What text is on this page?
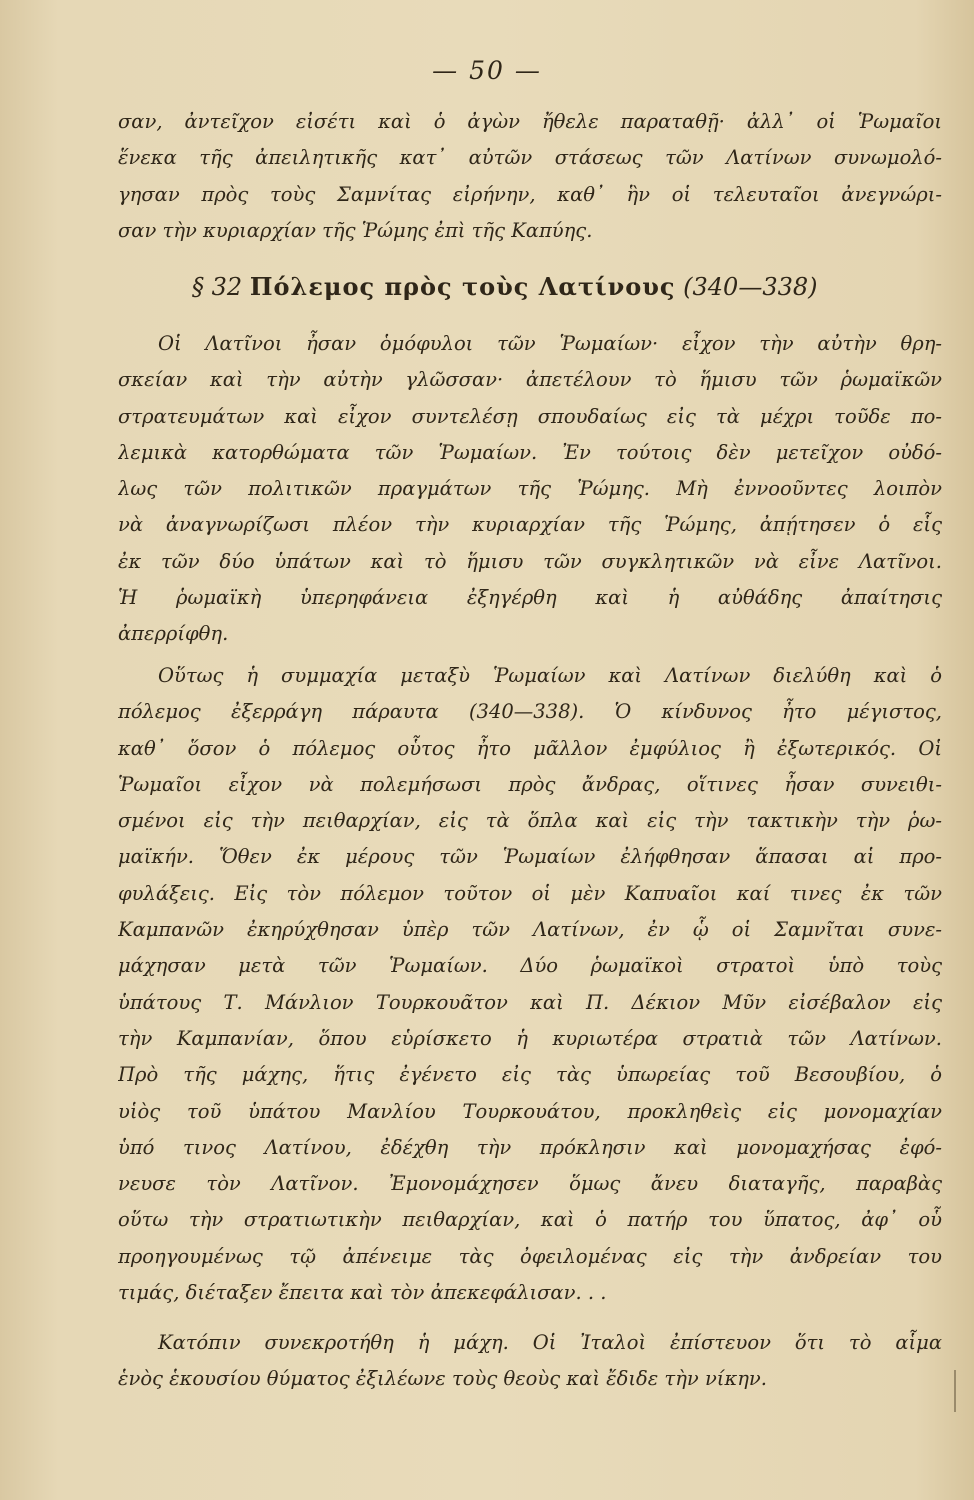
— 50 —
σαν, ἀντεῖχον εἰσέτι καὶ ὁ ἀγὼν ἤθελε παραταθῇ· ἀλλ᾽ οἱ Ῥωμαῖοι
ἕνεκα τῆς ἀπειλητικῆς κατ᾽ αὐτῶν στάσεως τῶν Λατίνων συνωμολό-
γησαν πρὸς τοὺς Σαμνίτας εἰρήνην, καθ᾽ ἣν οἱ τελευταῖοι ἀνεγνώρι-
σαν τὴν κυριαρχίαν τῆς Ῥώμης ἐπὶ τῆς Καπύης.
§ 32 Πόλεμος πρὸς τοὺς Λατίνους (340—338)
Οἱ Λατῖνοι ἦσαν ὁμόφυλοι τῶν Ῥωμαίων· εἶχον τὴν αὐτὴν θρη-
σκείαν καὶ τὴν αὐτὴν γλῶσσαν· ἀπετέλουν τὸ ἥμισυ τῶν ῥωμαϊκῶν
στρατευμάτων καὶ εἶχον συντελέσῃ σπουδαίως εἰς τὰ μέχρι τοῦδε πο-
λεμικὰ κατορθώματα τῶν Ῥωμαίων. Ἐν τούτοις δὲν μετεῖχον οὐδό-
λως τῶν πολιτικῶν πραγμάτων τῆς Ῥώμης. Μὴ ἐννοοῦντες λοιπὸν
νὰ ἀναγνωρίζωσι πλέον τὴν κυριαρχίαν τῆς Ῥώμης, ἀπῄτησεν ὁ εἷς
ἐκ τῶν δύο ὑπάτων καὶ τὸ ἥμισυ τῶν συγκλητικῶν νὰ εἶνε Λατῖνοι.
Ἡ ῥωμαϊκὴ ὑπερηφάνεια ἐξηγέρθη καὶ ἡ αὐθάδης ἀπαίτησις
ἀπερρίφθη.
Οὕτως ἡ συμμαχία μεταξὺ Ῥωμαίων καὶ Λατίνων διελύθη καὶ ὁ
πόλεμος ἐξερράγη πάραυτα (340—338). Ὁ κίνδυνος ἦτο μέγιστος,
καθ᾽ ὅσον ὁ πόλεμος οὗτος ἦτο μᾶλλον ἐμφύλιος ἢ ἐξωτερικός. Οἱ
Ῥωμαῖοι εἶχον νὰ πολεμήσωσι πρὸς ἄνδρας, οἵτινες ἦσαν συνειθι-
σμένοι εἰς τὴν πειθαρχίαν, εἰς τὰ ὅπλα καὶ εἰς τὴν τακτικὴν τὴν ῥω-
μαϊκήν. Ὅθεν ἐκ μέρους τῶν Ῥωμαίων ἐλήφθησαν ἅπασαι αἱ προ-
φυλάξεις. Εἰς τὸν πόλεμον τοῦτον οἱ μὲν Καπυαῖοι καί τινες ἐκ τῶν
Καμπανῶν ἐκηρύχθησαν ὑπὲρ τῶν Λατίνων, ἐν ᾧ οἱ Σαμνῖται συνε-
μάχησαν μετὰ τῶν Ῥωμαίων. Δύο ῥωμαϊκοὶ στρατοὶ ὑπὸ τοὺς
ὑπάτους Τ. Μάνλιον Τουρκουᾶτον καὶ Π. Δέκιον Μῦν εἰσέβαλον εἰς
τὴν Καμπανίαν, ὅπου εὑρίσκετο ἡ κυριωτέρα στρατιὰ τῶν Λατίνων.
Πρὸ τῆς μάχης, ἥτις ἐγένετο εἰς τὰς ὑπωρείας τοῦ Βεσουβίου, ὁ
υἱὸς τοῦ ὑπάτου Μανλίου Τουρκουάτου, προκληθεὶς εἰς μονομαχίαν
ὑπό τινος Λατίνου, ἐδέχθη τὴν πρόκλησιν καὶ μονομαχήσας ἐφό-
νευσε τὸν Λατῖνον. Ἐμονομάχησεν ὅμως ἄνευ διαταγῆς, παραβὰς
οὕτω τὴν στρατιωτικὴν πειθαρχίαν, καὶ ὁ πατήρ του ὕπατος, ἀφ᾽ οὗ
προηγουμένως τῷ ἀπένειμε τὰς ὀφειλομένας εἰς τὴν ἀνδρείαν του
τιμάς, διέταξεν ἔπειτα καὶ τὸν ἀπεκεφάλισαν. . .
Κατόπιν συνεκροτήθη ἡ μάχη. Οἱ Ἰταλοὶ ἐπίστευον ὅτι τὸ αἷμα
ἑνὸς ἑκουσίου θύματος ἐξιλέωνε τοὺς θεοὺς καὶ ἔδιδε τὴν νίκην.
